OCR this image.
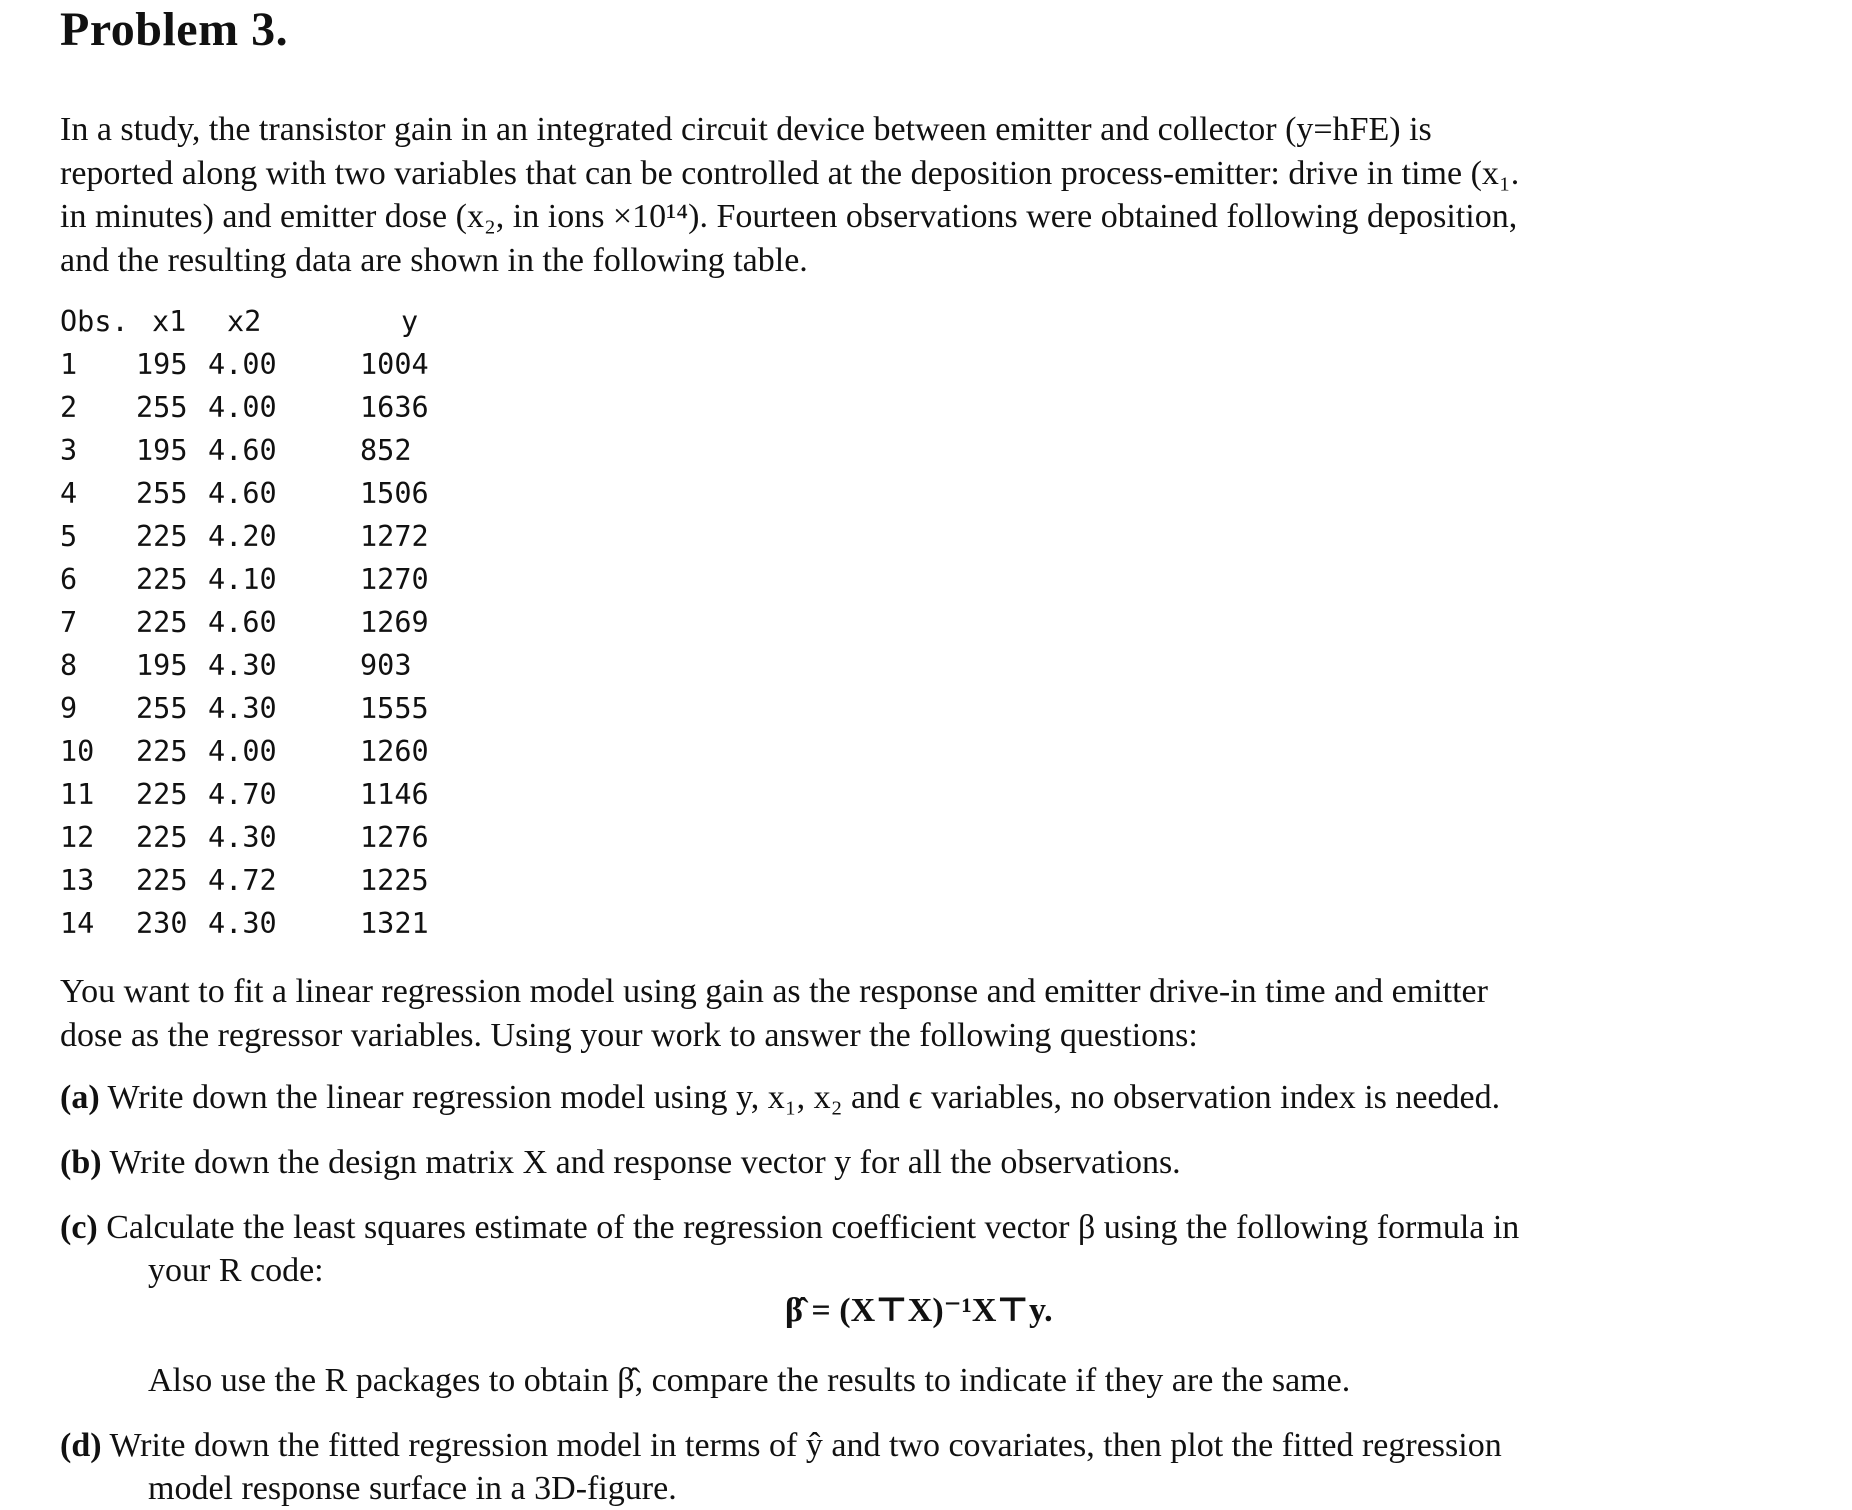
Problem 3.
In a study, the transistor gain in an integrated circuit device between emitter and collector (y=hFE) is
reported along with two variables that can be controlled at the deposition process-emitter: drive in time (x₁.
in minutes) and emitter dose (x₂, in ions ×10¹⁴). Fourteen observations were obtained following deposition,
and the resulting data are shown in the following table.
Obs. x1 x2	y
1 195 4.00	1004
2 255 4.00	1636
3 195 4.60	852
4 255 4.60	1506
5 225 4.20	1272
6 225 4.10	1270
7 225 4.60	1269
8 195 4.30	903
9 255 4.30	1555
10 225 4.00	1260
11 225 4.70	1146
12 225 4.30	1276
13 225 4.72	1225
14 230 4.30	1321
You want to fit a linear regression model using gain as the response and emitter drive-in time and emitter
dose as the regressor variables. Using your work to answer the following questions:
(a) Write down the linear regression model using y, x₁, x₂ and ϵ variables, no observation index is needed.
(b) Write down the design matrix X and response vector y for all the observations.
(c) Calculate the least squares estimate of the regression coefficient vector β using the following formula in
your R code:
β̂ = (X⊤X)⁻¹X⊤y.
Also use the R packages to obtain β̂, compare the results to indicate if they are the same.
(d) Write down the fitted regression model in terms of ŷ and two covariates, then plot the fitted regression
model response surface in a 3D-figure.
